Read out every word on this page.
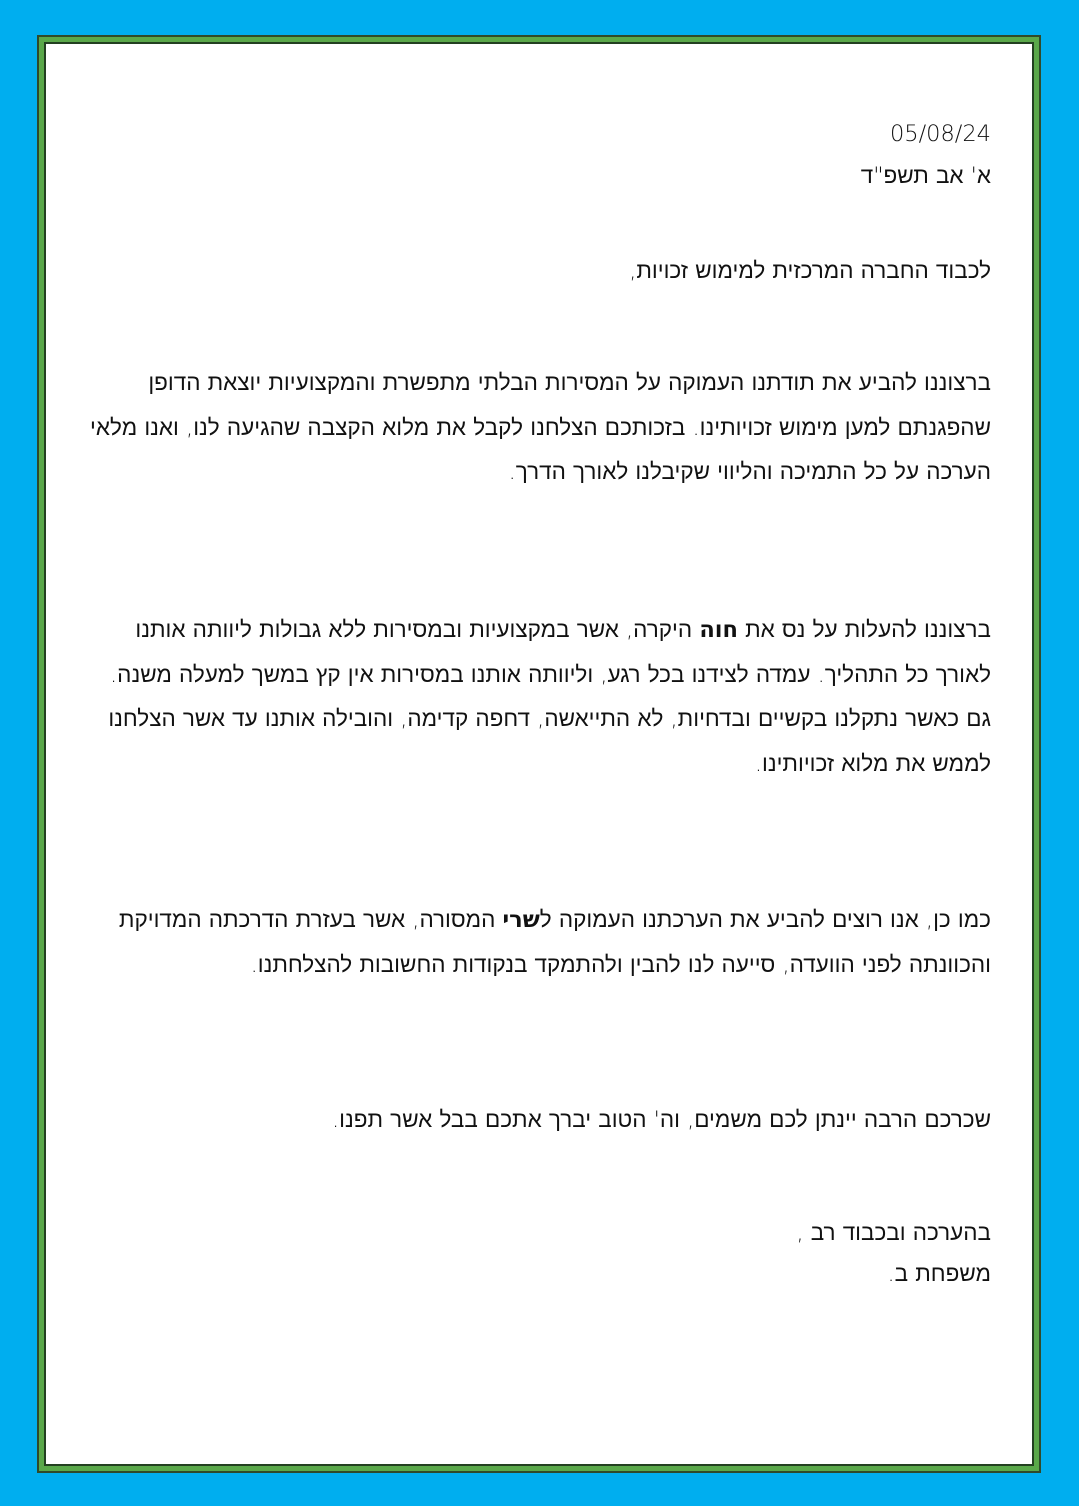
05/08/24
א' אב תשפ"ד
לכבוד החברה המרכזית למימוש זכויות,
ברצוננו להביע את תודתנו העמוקה על המסירות הבלתי מתפשרת והמקצועיות יוצאת הדופן שהפגנתם למען מימוש זכויותינו. בזכותכם הצלחנו לקבל את מלוא הקצבה שהגיעה לנו, ואנו מלאי הערכה על כל התמיכה והליווי שקיבלנו לאורך הדרך.
ברצוננו להעלות על נס את חוה היקרה, אשר במקצועיות ובמסירות ללא גבולות ליוותה אותנו לאורך כל התהליך. עמדה לצידנו בכל רגע, וליוותה אותנו במסירות אין קץ במשך למעלה משנה. גם כאשר נתקלנו בקשיים ובדחיות, לא התייאשה, דחפה קדימה, והובילה אותנו עד אשר הצלחנו לממש את מלוא זכויותינו.
כמו כן, אנו רוצים להביע את הערכתנו העמוקה לשרי המסורה, אשר בעזרת הדרכתה המדויקת והכוונתה לפני הוועדה, סייעה לנו להבין ולהתמקד בנקודות החשובות להצלחתנו.
שכרכם הרבה יינתן לכם משמים, וה' הטוב יברך אתכם בבל אשר תפנו.
בהערכה ובכבוד רב ,
משפחת ב.
